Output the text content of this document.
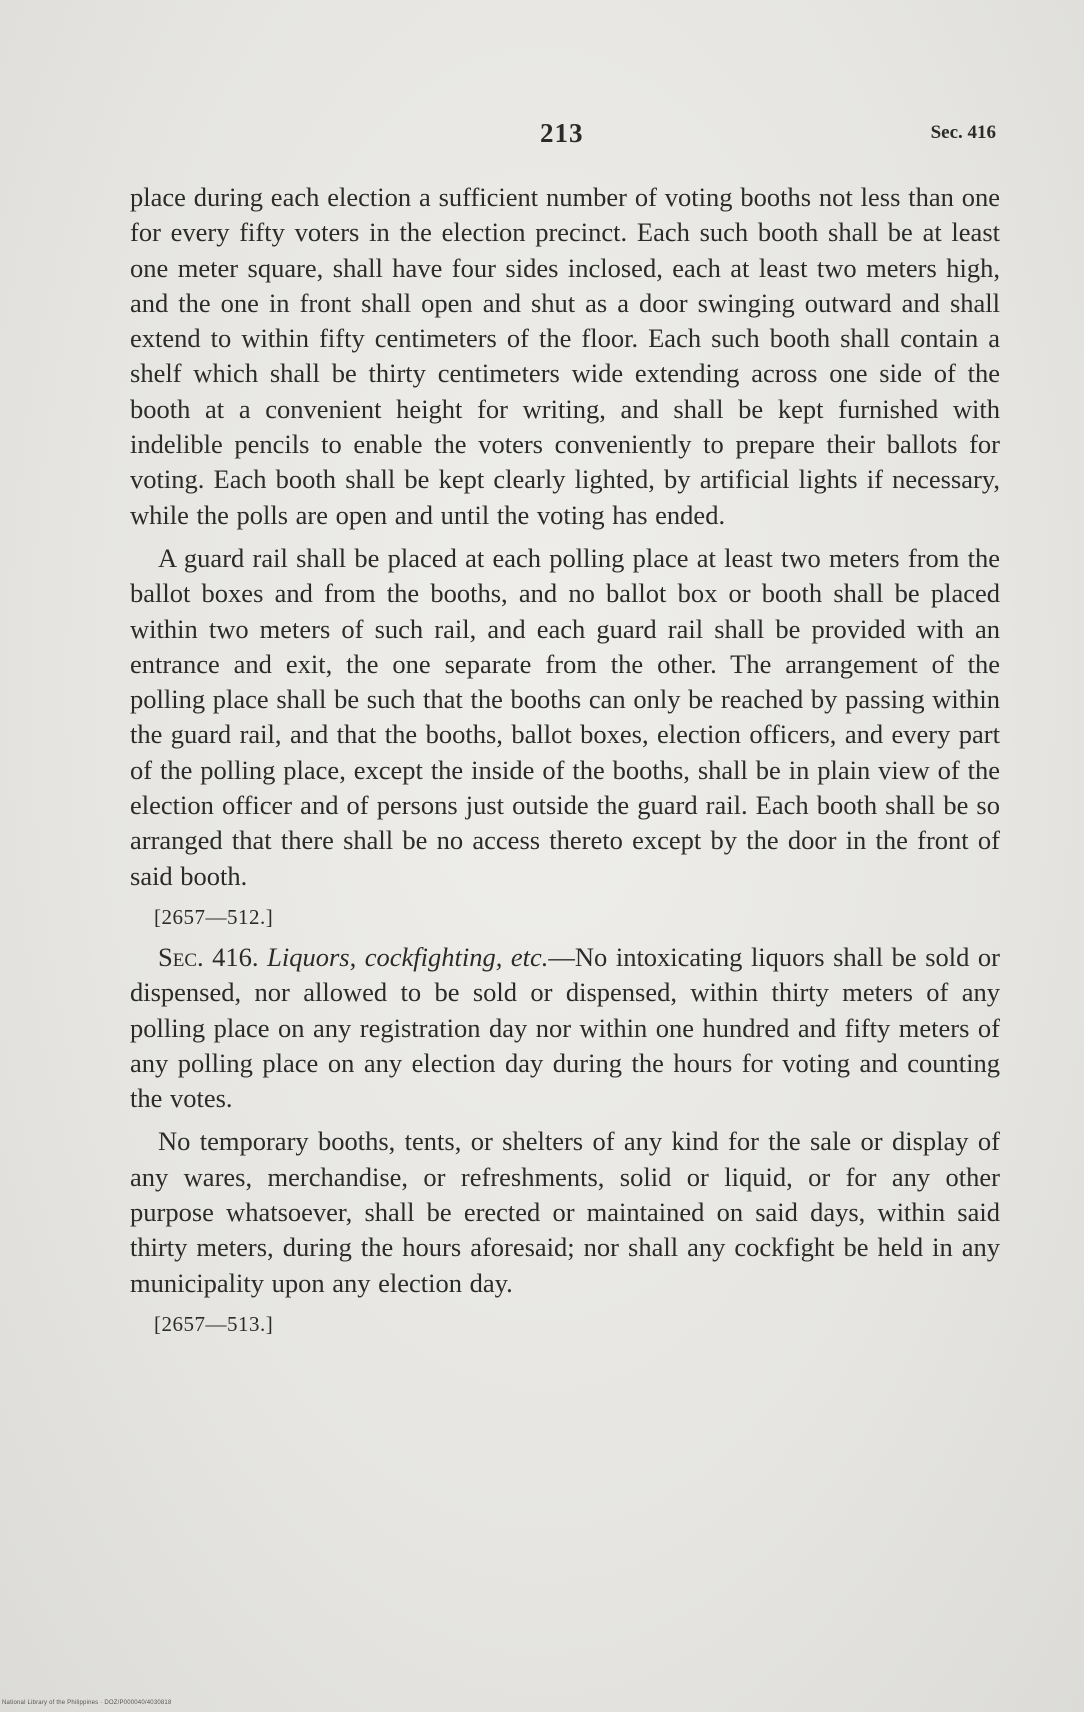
213	Sec. 416

place during each election a sufficient number of voting booths not less than one for every fifty voters in the election precinct. Each such booth shall be at least one meter square, shall have four sides inclosed, each at least two meters high, and the one in front shall open and shut as a door swinging outward and shall extend to within fifty centimeters of the floor. Each such booth shall contain a shelf which shall be thirty centimeters wide extending across one side of the booth at a convenient height for writing, and shall be kept furnished with indelible pencils to enable the voters conveniently to prepare their ballots for voting. Each booth shall be kept clearly lighted, by artificial lights if necessary, while the polls are open and until the voting has ended.

A guard rail shall be placed at each polling place at least two meters from the ballot boxes and from the booths, and no ballot box or booth shall be placed within two meters of such rail, and each guard rail shall be provided with an entrance and exit, the one separate from the other. The arrangement of the polling place shall be such that the booths can only be reached by passing within the guard rail, and that the booths, ballot boxes, election officers, and every part of the polling place, except the inside of the booths, shall be in plain view of the election officer and of persons just outside the guard rail. Each booth shall be so arranged that there shall be no access thereto except by the door in the front of said booth.

[2657—512.]

Sec. 416. Liquors, cockfighting, etc.—No intoxicating liquors shall be sold or dispensed, nor allowed to be sold or dispensed, within thirty meters of any polling place on any registration day nor within one hundred and fifty meters of any polling place on any election day during the hours for voting and counting the votes.

No temporary booths, tents, or shelters of any kind for the sale or display of any wares, merchandise, or refreshments, solid or liquid, or for any other purpose whatsoever, shall be erected or maintained on said days, within said thirty meters, during the hours aforesaid; nor shall any cockfight be held in any municipality upon any election day.

[2657—513.]
National Library of the Philippines · DOZ/P000040/4030818
